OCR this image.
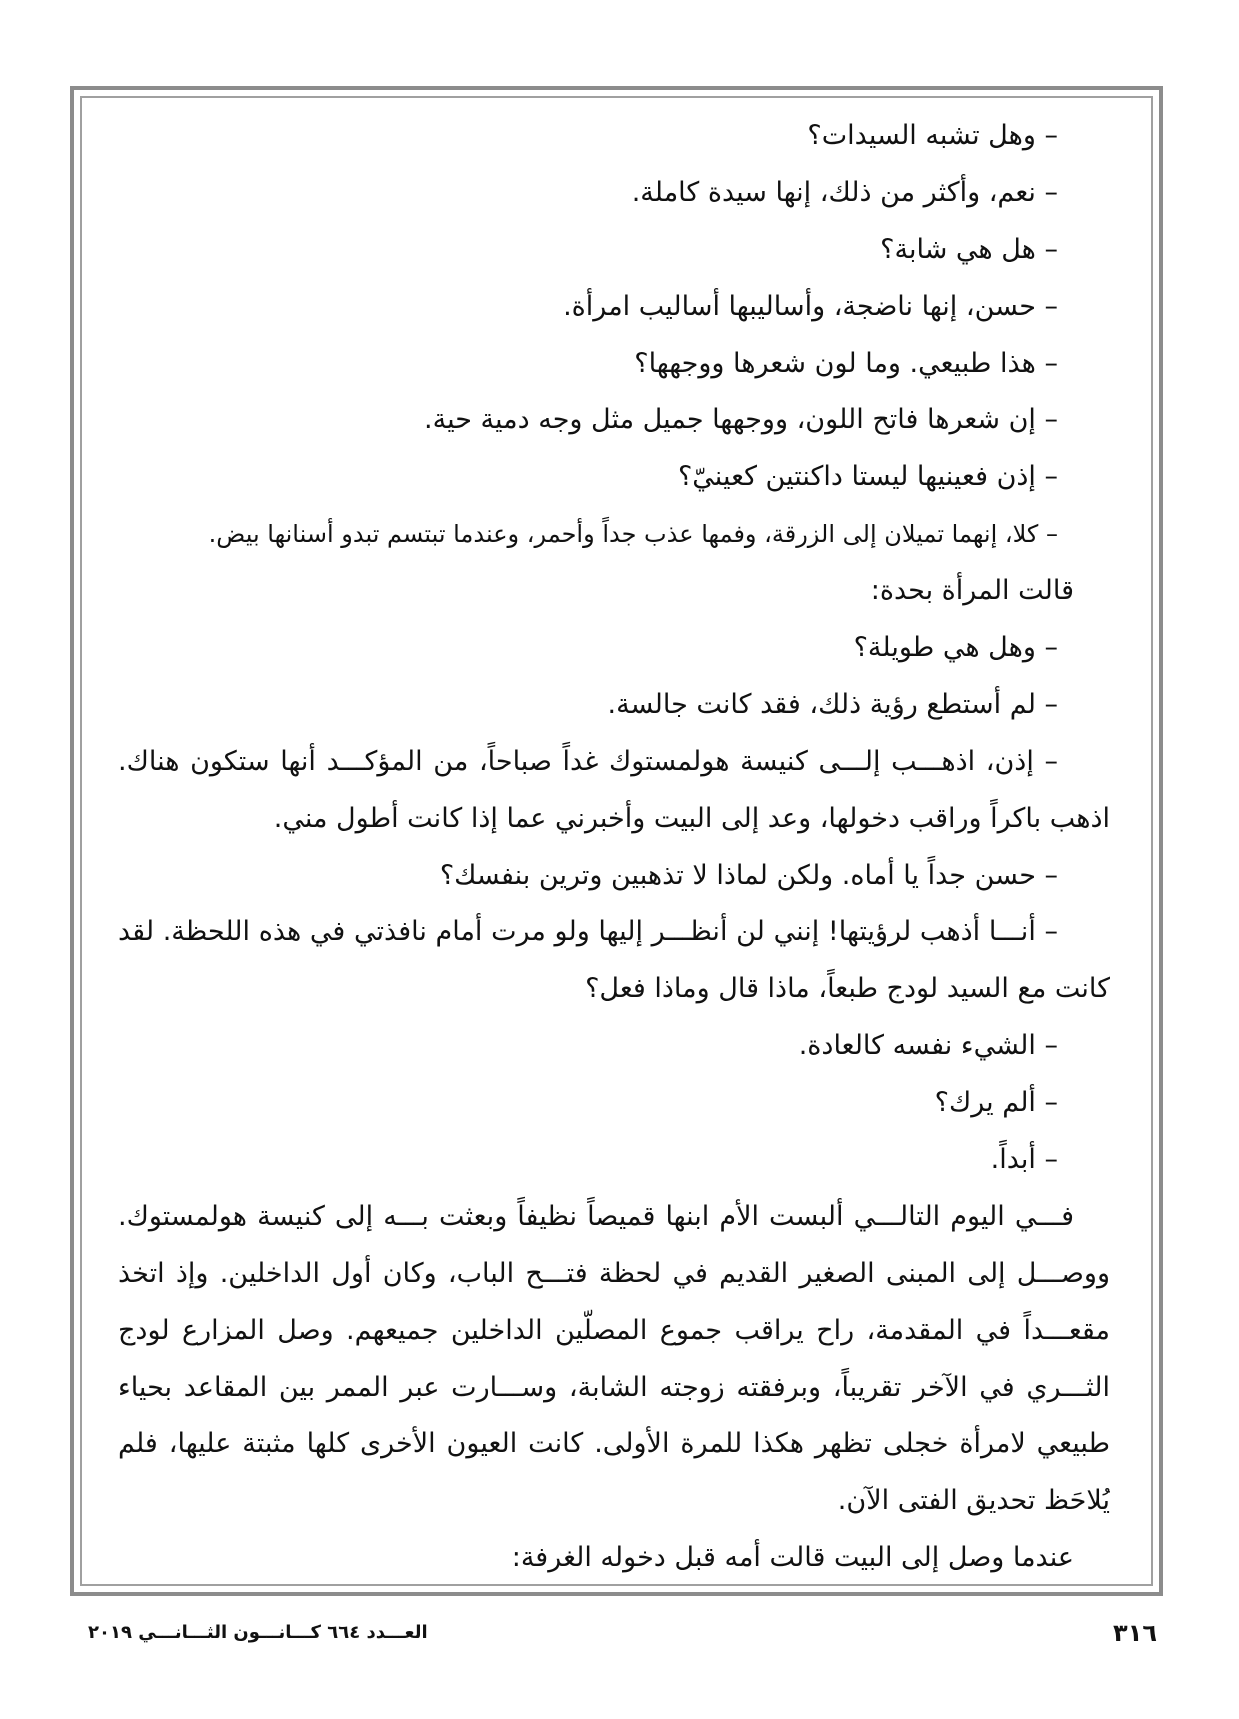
– وهل تشبه السيدات؟
– نعم، وأكثر من ذلك، إنها سيدة كاملة.
– هل هي شابة؟
– حسن، إنها ناضجة، وأساليبها أساليب امرأة.
– هذا طبيعي. وما لون شعرها ووجهها؟
– إن شعرها فاتح اللون، ووجهها جميل مثل وجه دمية حية.
– إذن فعينيها ليستا داكنتين كعينيّ؟
– كلا، إنهما تميلان إلى الزرقة، وفمها عذب جداً وأحمر، وعندما تبتسم تبدو أسنانها بيض.
قالت المرأة بحدة:
– وهل هي طويلة؟
– لم أستطع رؤية ذلك، فقد كانت جالسة.
– إذن، اذهـــب إلـــى كنيسة هولمستوك غداً صباحاً، من المؤكـــد أنها ستكون هناك.
اذهب باكراً وراقب دخولها، وعد إلى البيت وأخبرني عما إذا كانت أطول مني.
– حسن جداً يا أماه. ولكن لماذا لا تذهبين وترين بنفسك؟
– أنـــا أذهب لرؤيتها! إنني لن أنظـــر إليها ولو مرت أمام نافذتي في هذه اللحظة. لقد
كانت مع السيد لودج طبعاً، ماذا قال وماذا فعل؟
– الشيء نفسه كالعادة.
– ألم يرك؟
– أبداً.
فـــي اليوم التالـــي ألبست الأم ابنها قميصاً نظيفاً وبعثت بـــه إلى كنيسة هولمستوك.
ووصـــل إلى المبنى الصغير القديم في لحظة فتـــح الباب، وكان أول الداخلين. وإذ اتخذ
مقعـــداً في المقدمة، راح يراقب جموع المصلّين الداخلين جميعهم. وصل المزارع لودج
الثـــري في الآخر تقريباً، وبرفقته زوجته الشابة، وســـارت عبر الممر بين المقاعد بحياء
طبيعي لامرأة خجلى تظهر هكذا للمرة الأولى. كانت العيون الأخرى كلها مثبتة عليها، فلم
يُلاحَظ تحديق الفتى الآن.
عندما وصل إلى البيت قالت أمه قبل دخوله الغرفة:
٣١٦
العـــدد ٦٦٤ كـــانـــون الثـــانـــي ٢٠١٩
